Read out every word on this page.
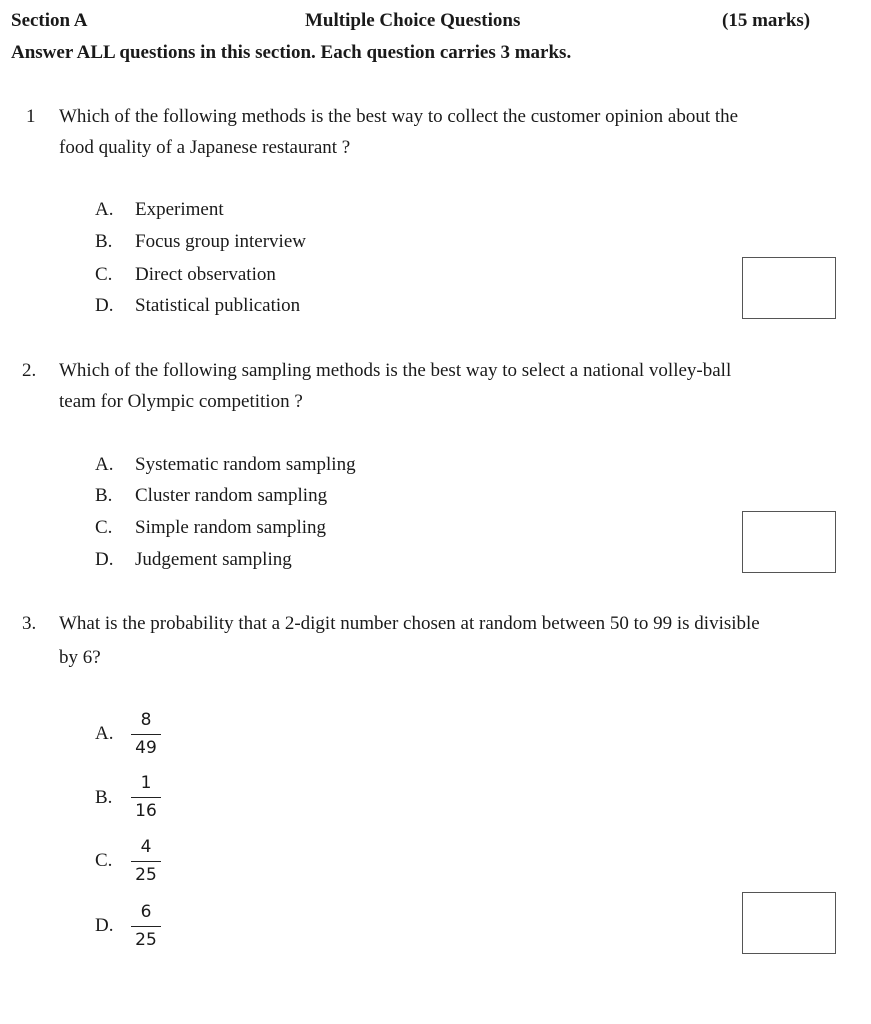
Section A	Multiple Choice Questions	(15 marks)
Answer ALL questions in this section. Each question carries 3 marks.
1 Which of the following methods is the best way to collect the customer opinion about the
food quality of a Japanese restaurant ?
A. Experiment
B. Focus group interview
C. Direct observation
D. Statistical publication
2. Which of the following sampling methods is the best way to select a national volley-ball
team for Olympic competition ?
A. Systematic random sampling
B. Cluster random sampling
C. Simple random sampling
D. Judgement sampling
3. What is the probability that a 2-digit number chosen at random between 50 to 99 is divisible
by 6?
A.
8
49
B.
1
16
C.
4
25
D.
6
25
